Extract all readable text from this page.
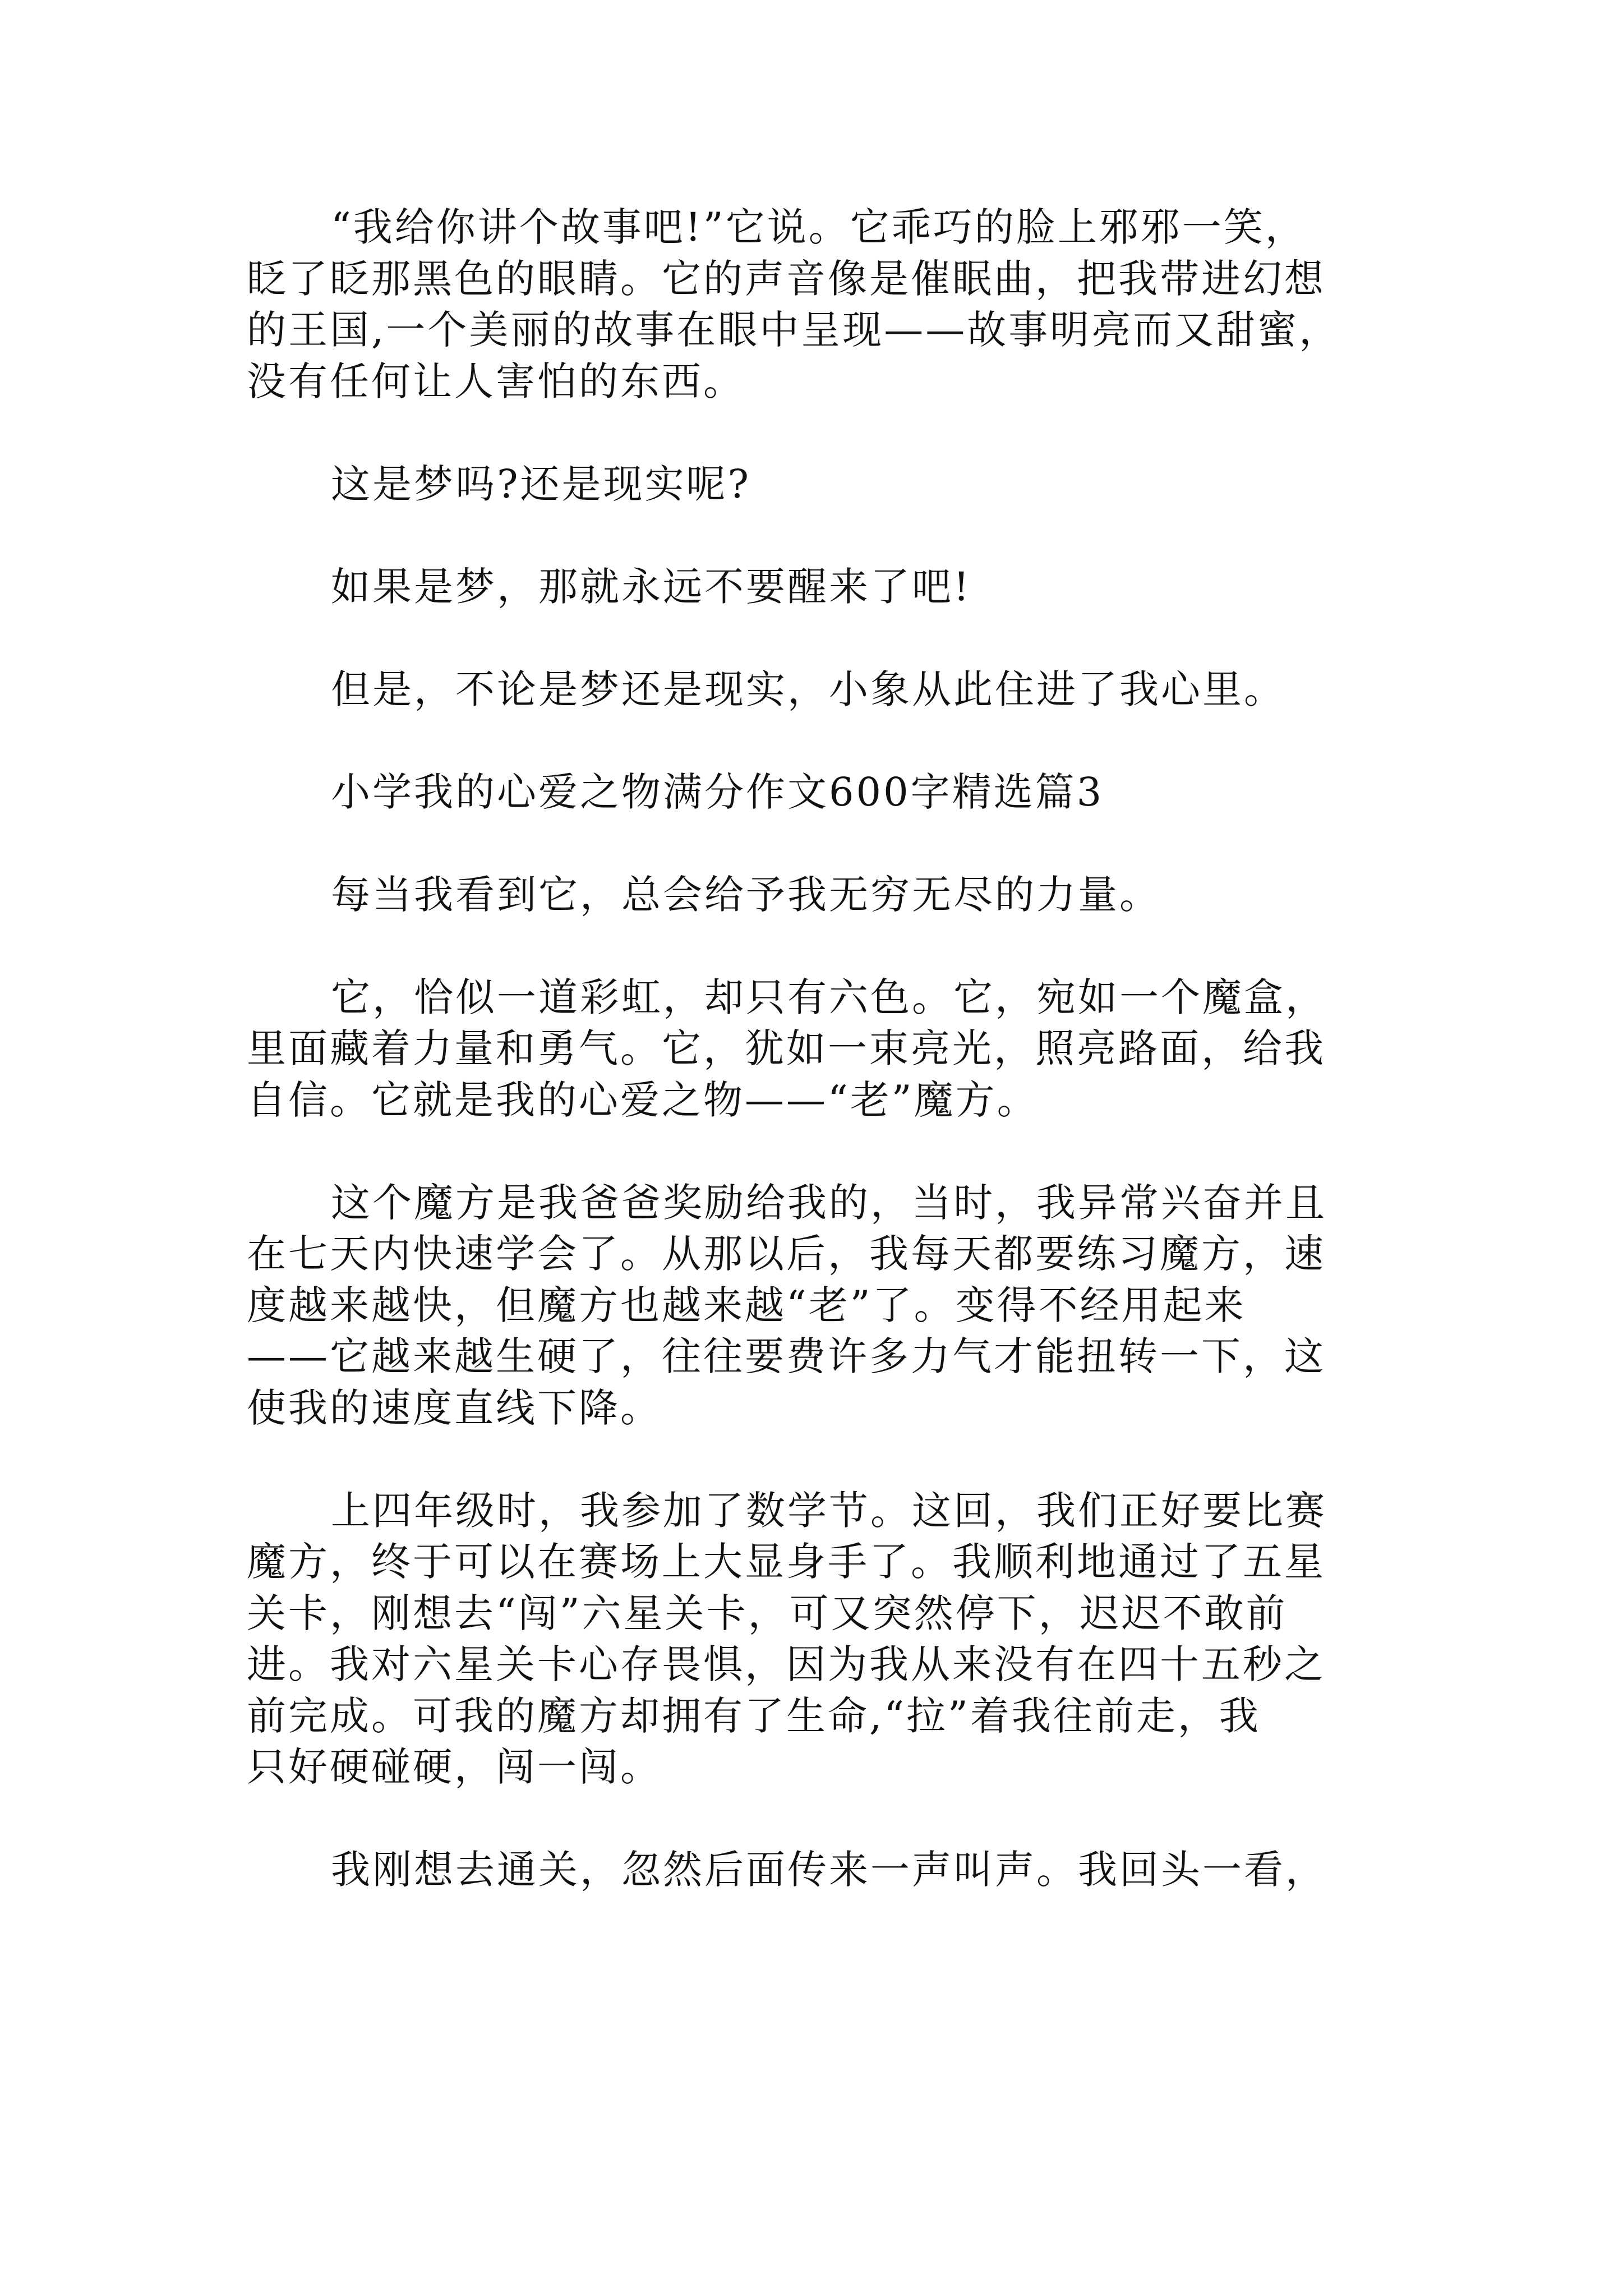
“我给你讲个故事吧!”它说。它乖巧的脸上邪邪一笑，
眨了眨那黑色的眼睛。它的声音像是催眠曲，把我带进幻想
的王国,一个美丽的故事在眼中呈现——故事明亮而又甜蜜，
没有任何让人害怕的东西。
这是梦吗?还是现实呢?
如果是梦，那就永远不要醒来了吧!
但是，不论是梦还是现实，小象从此住进了我心里。
小学我的心爱之物满分作文600字精选篇3
每当我看到它，总会给予我无穷无尽的力量。
它，恰似一道彩虹，却只有六色。它，宛如一个魔盒，
里面藏着力量和勇气。它，犹如一束亮光，照亮路面，给我
自信。它就是我的心爱之物——“老”魔方。
这个魔方是我爸爸奖励给我的，当时，我异常兴奋并且
在七天内快速学会了。从那以后，我每天都要练习魔方，速
度越来越快，但魔方也越来越“老”了。变得不经用起来
——它越来越生硬了，往往要费许多力气才能扭转一下，这
使我的速度直线下降。
上四年级时，我参加了数学节。这回，我们正好要比赛
魔方，终于可以在赛场上大显身手了。我顺利地通过了五星
关卡，刚想去“闯”六星关卡，可又突然停下，迟迟不敢前
进。我对六星关卡心存畏惧，因为我从来没有在四十五秒之
前完成。可我的魔方却拥有了生命,“拉”着我往前走，我
只好硬碰硬，闯一闯。
我刚想去通关，忽然后面传来一声叫声。我回头一看，
